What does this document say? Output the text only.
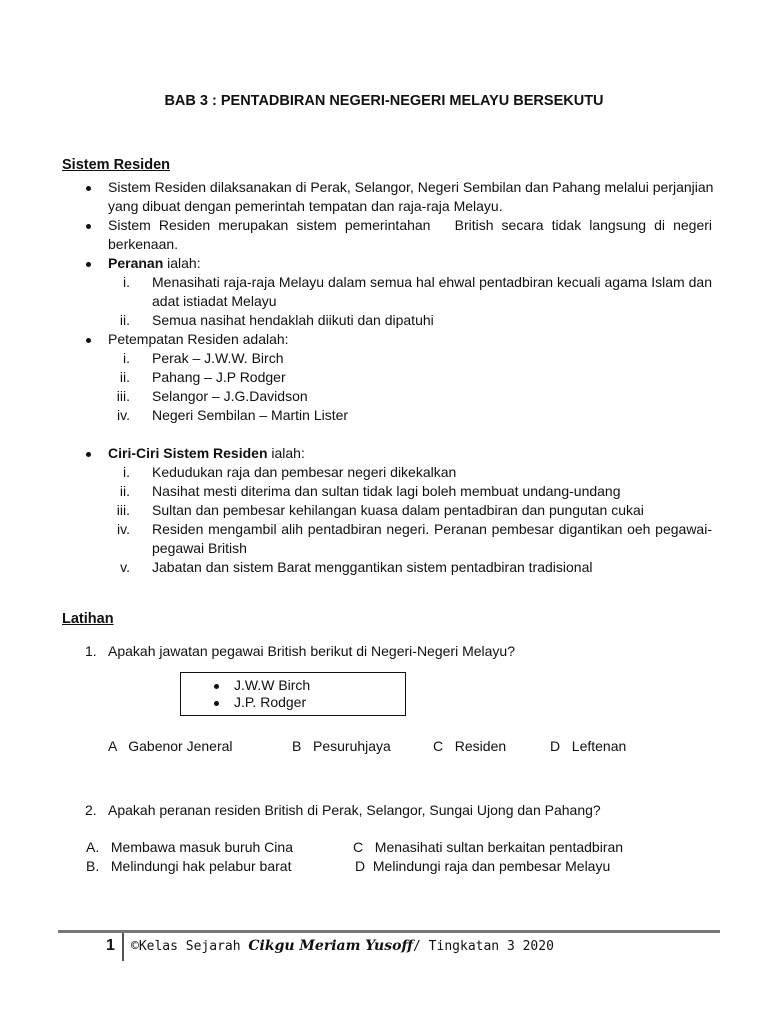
BAB 3 : PENTADBIRAN NEGERI-NEGERI MELAYU BERSEKUTU
Sistem Residen
Sistem Residen dilaksanakan di Perak, Selangor, Negeri Sembilan dan Pahang melalui perjanjian
yang dibuat dengan pemerintah tempatan dan raja-raja Melayu.
Sistem Residen merupakan sistem pemerintahan   British secara tidak langsung di negeri
berkenaan.
Peranan ialah:
i. Menasihati raja-raja Melayu dalam semua hal ehwal pentadbiran kecuali agama Islam dan
adat istiadat Melayu
ii. Semua nasihat hendaklah diikuti dan dipatuhi
Petempatan Residen adalah:
i. Perak – J.W.W. Birch
ii. Pahang – J.P Rodger
iii. Selangor – J.G.Davidson
iv. Negeri Sembilan – Martin Lister
Ciri-Ciri Sistem Residen ialah:
i. Kedudukan raja dan pembesar negeri dikekalkan
ii. Nasihat mesti diterima dan sultan tidak lagi boleh membuat undang-undang
iii. Sultan dan pembesar kehilangan kuasa dalam pentadbiran dan pungutan cukai
iv. Residen mengambil alih pentadbiran negeri. Peranan pembesar digantikan oeh pegawai-
pegawai British
v. Jabatan dan sistem Barat menggantikan sistem pentadbiran tradisional
Latihan
1. Apakah jawatan pegawai British berikut di Negeri-Negeri Melayu?
J.W.W Birch
J.P. Rodger
A   Gabenor Jeneral	B   Pesuruhjaya	C   Residen	D   Leftenan
2. Apakah peranan residen British di Perak, Selangor, Sungai Ujong dan Pahang?
A.   Membawa masuk buruh Cina	C   Menasihati sultan berkaitan pentadbiran
B.   Melindungi hak pelabur barat	D  Melindungi raja dan pembesar Melayu
1 ©Kelas Sejarah Cikgu Meriam Yusoff/ Tingkatan 3 2020
